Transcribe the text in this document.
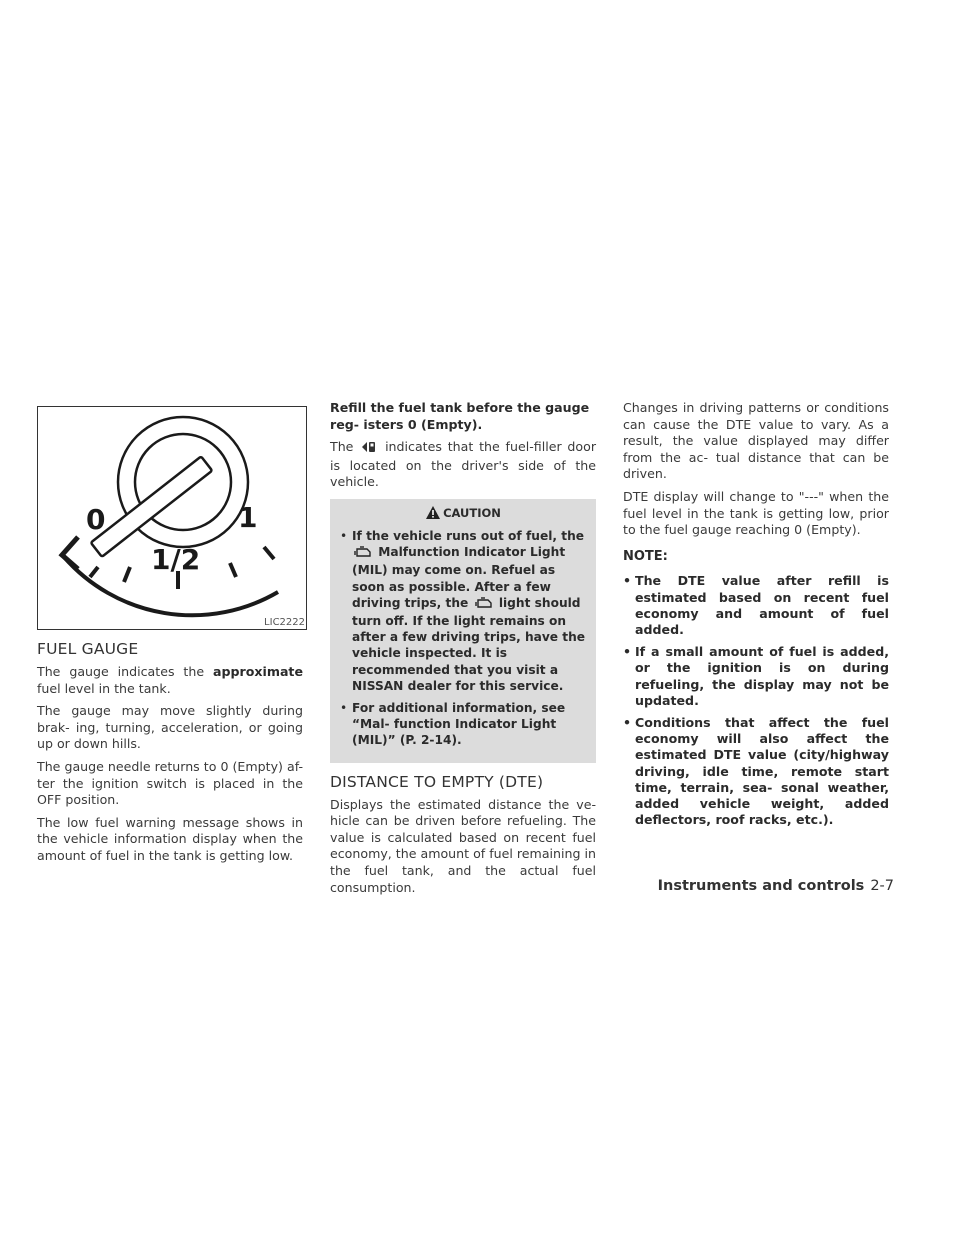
0
1/2
1
LIC2222
FUEL GAUGE

The gauge indicates the approximate fuel level in the tank.

The gauge may move slightly during brak- ing, turning, acceleration, or going up or down hills.

The gauge needle returns to 0 (Empty) af- ter the ignition switch is placed in the OFF position.

The low fuel warning message shows in the vehicle information display when the amount of fuel in the tank is getting low.

Refill the fuel tank before the gauge reg- isters 0 (Empty).

The	indicates that the fuel-filler door is located on the driver's side of the vehicle.

CAUTION
• If the vehicle runs out of fuel, the  Malfunction Indicator Light (MIL) may come on. Refuel as soon as possible. After a few driving trips, the	light should turn off. If the light remains on after a few driving trips, have the vehicle inspected. It is recommended that you visit a NISSAN dealer for this service.
• For additional information, see “Mal- function Indicator Light (MIL)” (P. 2-14).
DISTANCE TO EMPTY (DTE)

Displays the estimated distance the ve- hicle can be driven before refueling. The value is calculated based on recent fuel economy, the amount of fuel remaining in the fuel tank, and the actual fuel consumption.

Changes in driving patterns or conditions can cause the DTE value to vary. As a result, the value displayed may differ from the ac- tual distance that can be driven.

DTE display will change to "---" when the fuel level in the tank is getting low, prior to the fuel gauge reaching 0 (Empty).

NOTE:

• The DTE value after refill is estimated based on recent fuel economy and amount of fuel added.
• If a small amount of fuel is added, or the ignition is on during refueling, the display may not be updated.
• Conditions that affect the fuel economy will also affect the estimated DTE value (city/highway driving, idle time, remote start time, terrain, sea- sonal weather, added vehicle weight, added deflectors, roof racks, etc.).
Instruments and controls 2-7
